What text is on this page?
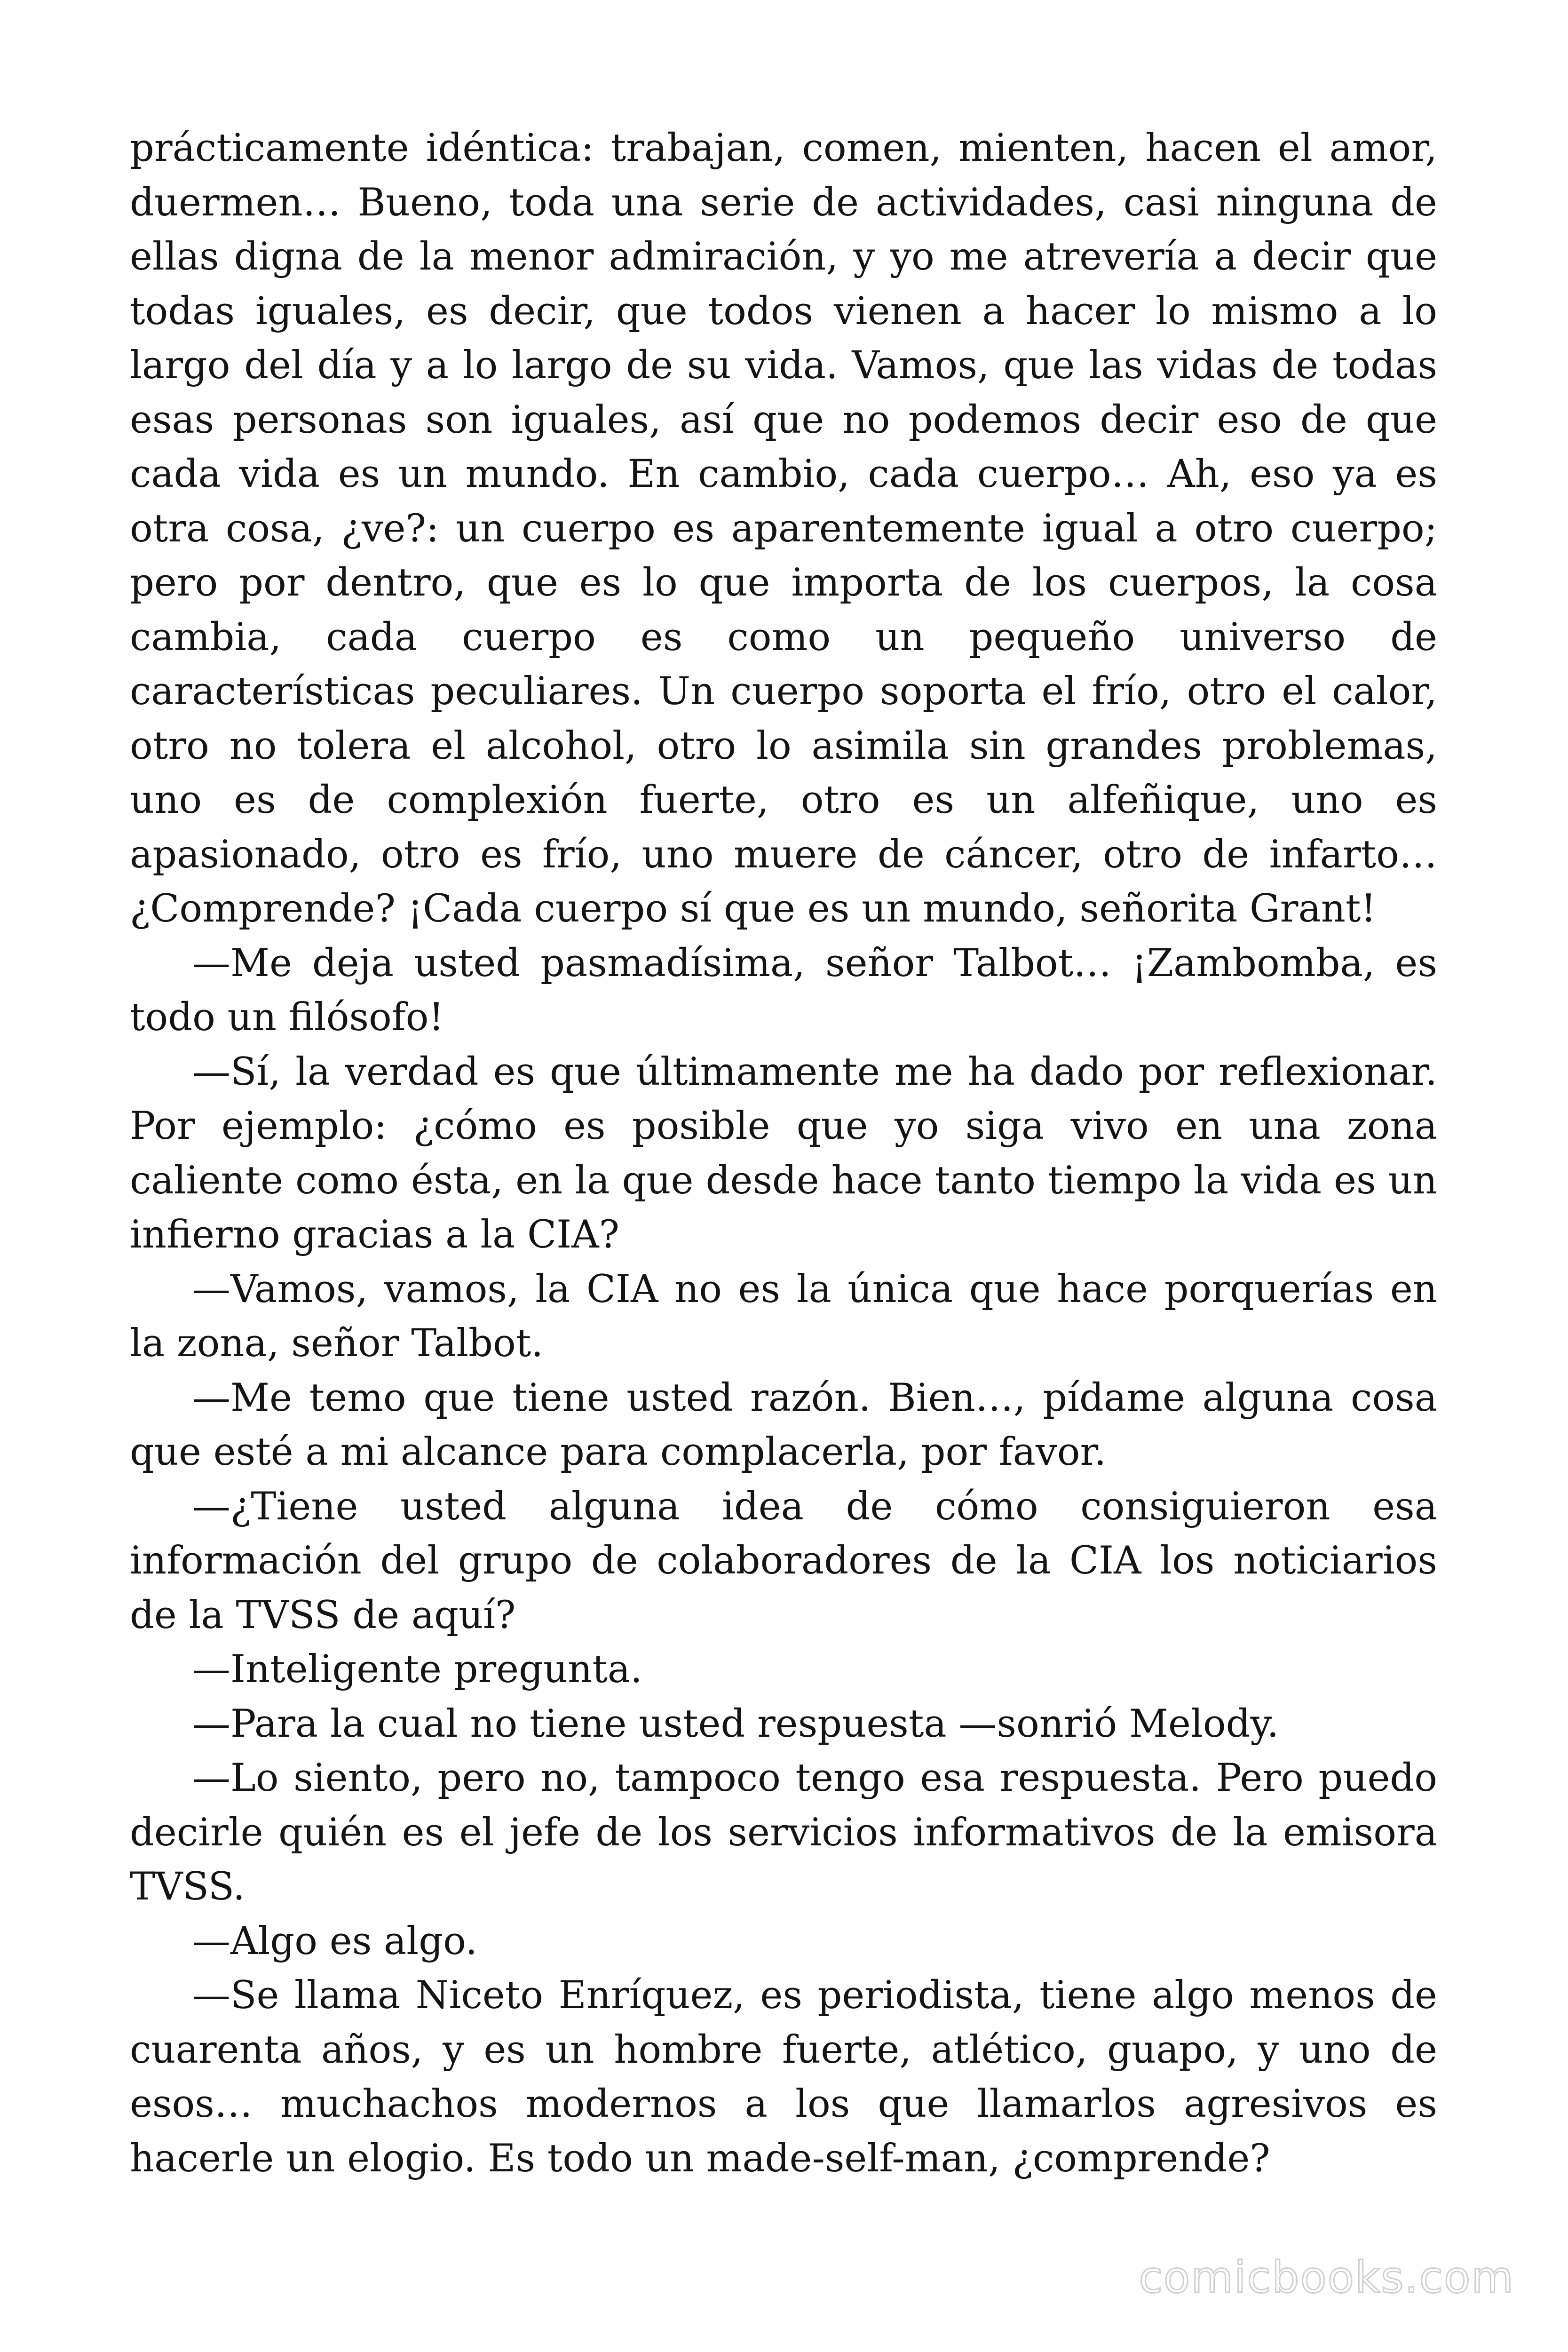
prácticamente idéntica: trabajan, comen, mienten, hacen el amor, duermen… Bueno, toda una serie de actividades, casi ninguna de ellas digna de la menor admiración, y yo me atrevería a decir que todas iguales, es decir, que todos vienen a hacer lo mismo a lo largo del día y a lo largo de su vida. Vamos, que las vidas de todas esas personas son iguales, así que no podemos decir eso de que cada vida es un mundo. En cambio, cada cuerpo… Ah, eso ya es otra cosa, ¿ve?: un cuerpo es aparentemente igual a otro cuerpo; pero por dentro, que es lo que importa de los cuerpos, la cosa cambia, cada cuerpo es como un pequeño universo de características peculiares. Un cuerpo soporta el frío, otro el calor, otro no tolera el alcohol, otro lo asimila sin grandes problemas, uno es de complexión fuerte, otro es un alfeñique, uno es apasionado, otro es frío, uno muere de cáncer, otro de infarto… ¿Comprende? ¡Cada cuerpo sí que es un mundo, señorita Grant!

—Me deja usted pasmadísima, señor Talbot… ¡Zambomba, es todo un filósofo!

—Sí, la verdad es que últimamente me ha dado por reflexionar. Por ejemplo: ¿cómo es posible que yo siga vivo en una zona caliente como ésta, en la que desde hace tanto tiempo la vida es un infierno gracias a la CIA?

—Vamos, vamos, la CIA no es la única que hace porquerías en la zona, señor Talbot.

—Me temo que tiene usted razón. Bien…, pídame alguna cosa que esté a mi alcance para complacerla, por favor.

—¿Tiene usted alguna idea de cómo consiguieron esa información del grupo de colaboradores de la CIA los noticiarios de la TVSS de aquí?

—Inteligente pregunta.

—Para la cual no tiene usted respuesta —sonrió Melody.

—Lo siento, pero no, tampoco tengo esa respuesta. Pero puedo decirle quién es el jefe de los servicios informativos de la emisora TVSS.

—Algo es algo.

—Se llama Niceto Enríquez, es periodista, tiene algo menos de cuarenta años, y es un hombre fuerte, atlético, guapo, y uno de esos… muchachos modernos a los que llamarlos agresivos es hacerle un elogio. Es todo un made-self-man, ¿comprende?

comicbooks.com
